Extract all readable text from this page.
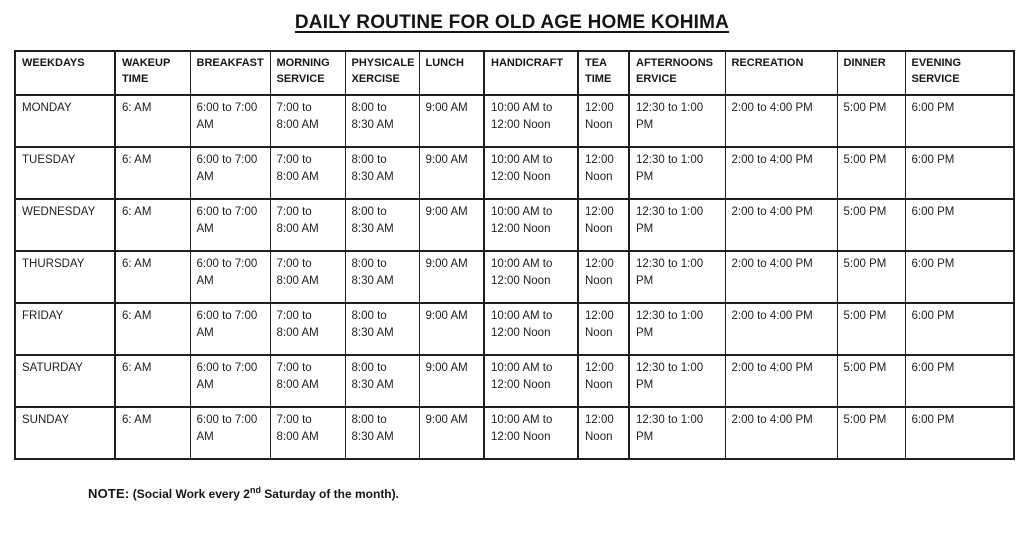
DAILY ROUTINE FOR OLD AGE HOME KOHIMA
WEEKDAYS	WAKEUP TIME	BREAKFAST	MORNING SERVICE	PHYSICALE XERCISE	LUNCH	HANDICRAFT	TEA TIME	AFTERNOONS ERVICE	RECREATION	DINNER	EVENING SERVICE
MONDAY	6: AM	6:00 to 7:00 AM	7:00 to 8:00 AM	8:00 to 8:30 AM	9:00 AM	10:00 AM to 12:00 Noon	12:00 Noon	12:30 to 1:00 PM	2:00 to 4:00 PM	5:00 PM	6:00 PM
TUESDAY	6: AM	6:00 to 7:00 AM	7:00 to 8:00 AM	8:00 to 8:30 AM	9:00 AM	10:00 AM to 12:00 Noon	12:00 Noon	12:30 to 1:00 PM	2:00 to 4:00 PM	5:00 PM	6:00 PM
WEDNESDAY	6: AM	6:00 to 7:00 AM	7:00 to 8:00 AM	8:00 to 8:30 AM	9:00 AM	10:00 AM to 12:00 Noon	12:00 Noon	12:30 to 1:00 PM	2:00 to 4:00 PM	5:00 PM	6:00 PM
THURSDAY	6: AM	6:00 to 7:00 AM	7:00 to 8:00 AM	8:00 to 8:30 AM	9:00 AM	10:00 AM to 12:00 Noon	12:00 Noon	12:30 to 1:00 PM	2:00 to 4:00 PM	5:00 PM	6:00 PM
FRIDAY	6: AM	6:00 to 7:00 AM	7:00 to 8:00 AM	8:00 to 8:30 AM	9:00 AM	10:00 AM to 12:00 Noon	12:00 Noon	12:30 to 1:00 PM	2:00 to 4:00 PM	5:00 PM	6:00 PM
SATURDAY	6: AM	6:00 to 7:00 AM	7:00 to 8:00 AM	8:00 to 8:30 AM	9:00 AM	10:00 AM to 12:00 Noon	12:00 Noon	12:30 to 1:00 PM	2:00 to 4:00 PM	5:00 PM	6:00 PM
SUNDAY	6: AM	6:00 to 7:00 AM	7:00 to 8:00 AM	8:00 to 8:30 AM	9:00 AM	10:00 AM to 12:00 Noon	12:00 Noon	12:30 to 1:00 PM	2:00 to 4:00 PM	5:00 PM	6:00 PM

NOTE: (Social Work every 2nd Saturday of the month).
